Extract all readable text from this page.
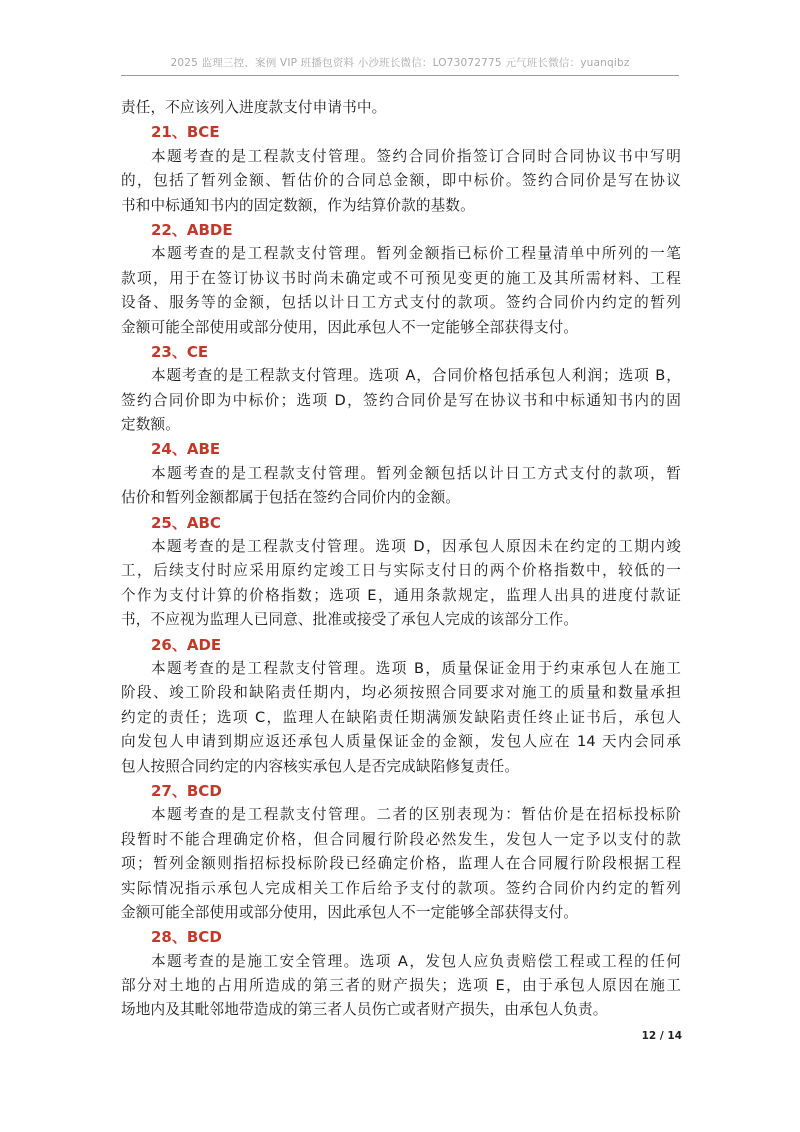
2025 监理三控、案例 VIP 班播包资料 小沙班长微信：LO73072775 元气班长微信：yuanqibz
责任，不应该列入进度款支付申请书中。
21、BCE
本题考查的是工程款支付管理。签约合同价指签订合同时合同协议书中写明
的，包括了暂列金额、暂估价的合同总金额，即中标价。签约合同价是写在协议
书和中标通知书内的固定数额，作为结算价款的基数。
22、ABDE
本题考查的是工程款支付管理。暂列金额指已标价工程量清单中所列的一笔
款项，用于在签订协议书时尚未确定或不可预见变更的施工及其所需材料、工程
设备、服务等的金额，包括以计日工方式支付的款项。签约合同价内约定的暂列
金额可能全部使用或部分使用，因此承包人不一定能够全部获得支付。
23、CE
本题考查的是工程款支付管理。选项 A，合同价格包括承包人利润；选项 B，
签约合同价即为中标价；选项 D，签约合同价是写在协议书和中标通知书内的固
定数额。
24、ABE
本题考查的是工程款支付管理。暂列金额包括以计日工方式支付的款项，暂
估价和暂列金额都属于包括在签约合同价内的金额。
25、ABC
本题考查的是工程款支付管理。选项 D，因承包人原因未在约定的工期内竣
工，后续支付时应采用原约定竣工日与实际支付日的两个价格指数中，较低的一
个作为支付计算的价格指数；选项 E，通用条款规定，监理人出具的进度付款证
书，不应视为监理人已同意、批准或接受了承包人完成的该部分工作。
26、ADE
本题考查的是工程款支付管理。选项 B，质量保证金用于约束承包人在施工
阶段、竣工阶段和缺陷责任期内，均必须按照合同要求对施工的质量和数量承担
约定的责任；选项 C，监理人在缺陷责任期满颁发缺陷责任终止证书后，承包人
向发包人申请到期应返还承包人质量保证金的金额，发包人应在 14 天内会同承
包人按照合同约定的内容核实承包人是否完成缺陷修复责任。
27、BCD
本题考查的是工程款支付管理。二者的区别表现为：暂估价是在招标投标阶
段暂时不能合理确定价格，但合同履行阶段必然发生，发包人一定予以支付的款
项；暂列金额则指招标投标阶段已经确定价格，监理人在合同履行阶段根据工程
实际情况指示承包人完成相关工作后给予支付的款项。签约合同价内约定的暂列
金额可能全部使用或部分使用，因此承包人不一定能够全部获得支付。
28、BCD
本题考查的是施工安全管理。选项 A，发包人应负责赔偿工程或工程的任何
部分对土地的占用所造成的第三者的财产损失；选项 E，由于承包人原因在施工
场地内及其毗邻地带造成的第三者人员伤亡或者财产损失，由承包人负责。
12 / 14
